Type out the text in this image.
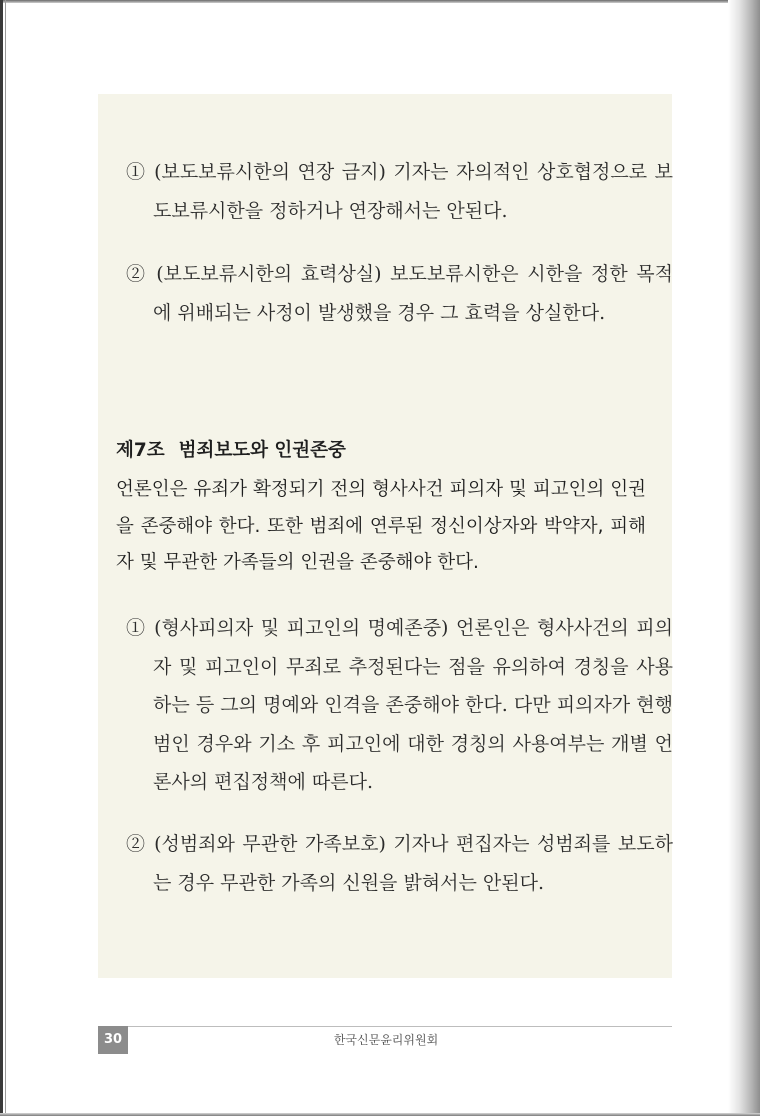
① (보도보류시한의 연장 금지) 기자는 자의적인 상호협정으로 보도보류시한을 정하거나 연장해서는 안된다.
② (보도보류시한의 효력상실) 보도보류시한은 시한을 정한 목적에 위배되는 사정이 발생했을 경우 그 효력을 상실한다.
제7조 범죄보도와 인권존중
언론인은 유죄가 확정되기 전의 형사사건 피의자 및 피고인의 인권을 존중해야 한다. 또한 범죄에 연루된 정신이상자와 박약자, 피해자 및 무관한 가족들의 인권을 존중해야 한다.
① (형사피의자 및 피고인의 명예존중) 언론인은 형사사건의 피의자 및 피고인이 무죄로 추정된다는 점을 유의하여 경칭을 사용하는 등 그의 명예와 인격을 존중해야 한다. 다만 피의자가 현행범인 경우와 기소 후 피고인에 대한 경칭의 사용여부는 개별 언론사의 편집정책에 따른다.
② (성범죄와 무관한 가족보호) 기자나 편집자는 성범죄를 보도하는 경우 무관한 가족의 신원을 밝혀서는 안된다.
30	한국신문윤리위원회
